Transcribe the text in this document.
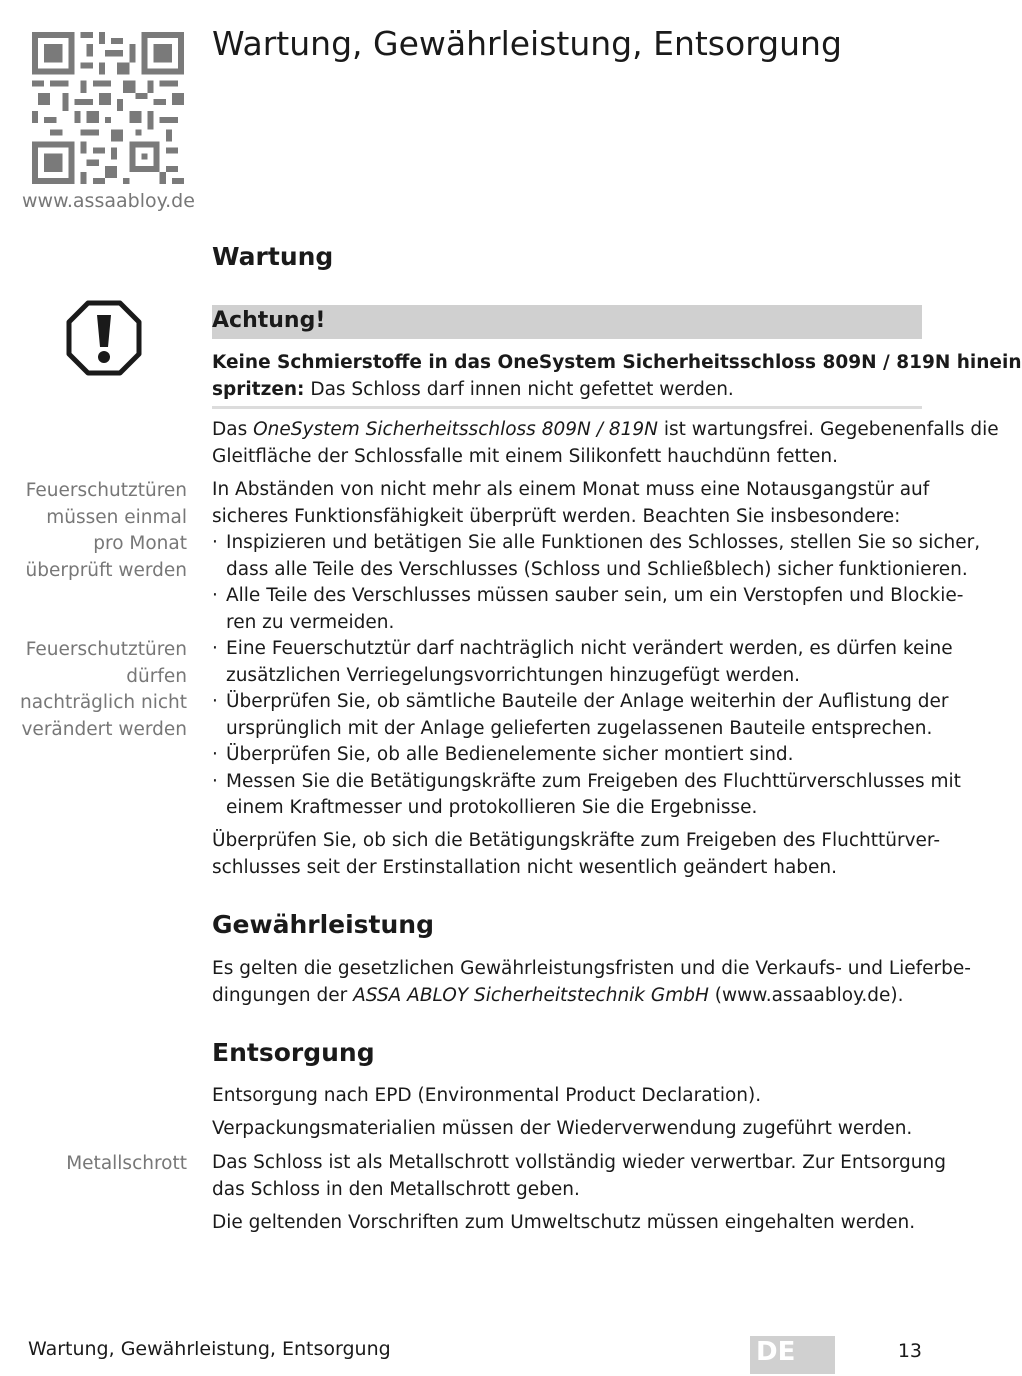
www.assaabloy.de
Wartung, Gewährleistung, Entsorgung
Wartung
Achtung!

Keine Schmierstoffe in das OneSystem Sicherheitsschloss 809N / 819N hinein

spritzen: Das Schloss darf innen nicht gefettet werden.

Das OneSystem Sicherheitsschloss 809N / 819N ist wartungsfrei. Gegebenenfalls die

Gleitfläche der Schlossfalle mit einem Silikonfett hauchdünn fetten.

In Abständen von nicht mehr als einem Monat muss eine Notausgangstür auf

sicheres Funktionsfähigkeit überprüft werden. Beachten Sie insbesondere:

· Inspizieren und betätigen Sie alle Funktionen des Schlosses, stellen Sie so sicher,
dass alle Teile des Verschlusses (Schloss und Schließblech) sicher funktionieren.
· Alle Teile des Verschlusses müssen sauber sein, um ein Verstopfen und Blockie-
ren zu vermeiden.
· Eine Feuerschutztür darf nachträglich nicht verändert werden, es dürfen keine
zusätzlichen Verriegelungsvorrichtungen hinzugefügt werden.
· Überprüfen Sie, ob sämtliche Bauteile der Anlage weiterhin der Auflistung der
ursprünglich mit der Anlage gelieferten zugelassenen Bauteile entsprechen.
· Überprüfen Sie, ob alle Bedienelemente sicher montiert sind.
· Messen Sie die Betätigungskräfte zum Freigeben des Fluchttürverschlusses mit
einem Kraftmesser und protokollieren Sie die Ergebnisse.

Überprüfen Sie, ob sich die Betätigungskräfte zum Freigeben des Fluchttürver-

schlusses seit der Erstinstallation nicht wesentlich geändert haben.

Feuerschutztüren
müssen einmal
pro Monat
überprüft werden
Feuerschutztüren
dürfen
nachträglich nicht
verändert werden
Gewährleistung

Es gelten die gesetzlichen Gewährleistungsfristen und die Verkaufs- und Lieferbe-

dingungen der ASSA ABLOY Sicherheitstechnik GmbH (www.assaabloy.de).

Entsorgung
Entsorgung nach EPD (Environmental Product Declaration).
Verpackungsmaterialien müssen der Wiederverwendung zugeführt werden.

Das Schloss ist als Metallschrott vollständig wieder verwertbar. Zur Entsorgung

das Schloss in den Metallschrott geben.

Die geltenden Vorschriften zum Umweltschutz müssen eingehalten werden.
Metallschrott
Wartung, Gewährleistung, Entsorgung	DE	13
